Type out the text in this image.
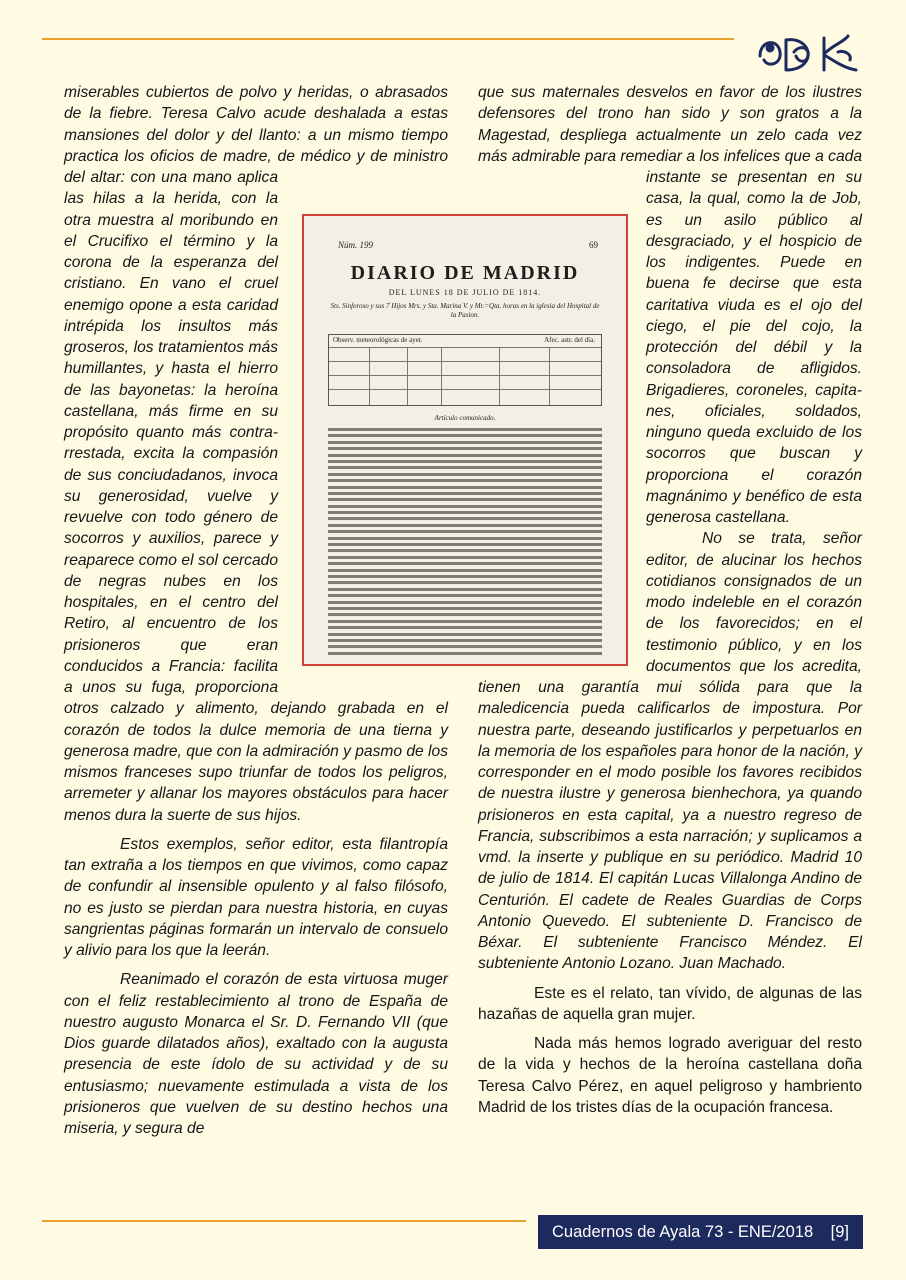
miserables cubiertos de polvo y heridas, o abrasados de la fiebre. Teresa Calvo acude deshalada a estas mansiones del dolor y del llanto: a un mismo tiempo practica los oficios de madre, de médico y de ministro del altar: con una mano aplica las hilas a la herida, con la otra muestra al moribundo en el Crucifixo el término y la corona de la esperanza del cristiano. En vano el cruel enemigo opone a esta caridad intrépida los insultos más groseros, los tratamientos más humillantes, y hasta el hierro de las bayonetas: la heroína castellana, más firme en su propósito quanto más contra- rrestada, excita la compasión de sus conciudadanos, invoca su generosidad, vuelve y revuelve con todo género de socorros y auxilios, parece y reaparece como el sol cercado de negras nubes en los hospitales, en el centro del Retiro, al encuentro de los prisioneros que eran conducidos a Francia: facilita a unos su fuga, proporciona otros calzado y alimento, dejando grabada en el corazón de todos la dulce memoria de una tierna y generosa madre, que con la admiración y pasmo de los mismos franceses supo triunfar de todos los peligros, arremeter y allanar los mayores obstáculos para hacer menos dura la suerte de sus hijos.

Estos exemplos, señor editor, esta filantropía tan extraña a los tiempos en que vivimos, como capaz de confundir al insensible opulento y al falso filósofo, no es justo se pierdan para nuestra historia, en cuyas sangrientas páginas formarán un intervalo de consuelo y alivio para los que la leerán.

Reanimado el corazón de esta virtuosa muger con el feliz restablecimiento al trono de España de nuestro augusto Monarca el Sr. D. Fernando VII (que Dios guarde dilatados años), exaltado con la augusta presencia de este ídolo de su actividad y de su entusiasmo; nuevamente estimulada a vista de los prisioneros que vuelven de su destino hechos una miseria, y segura de

que sus maternales desvelos en favor de los ilustres defensores del trono han sido y son gratos a la Magestad, despliega actualmente un zelo cada vez más admirable para remediar a los infelices que a cada instante se presentan en su casa, la qual, como la de Job, es un asilo público al desgraciado, y el hospicio de los indigentes. Puede en buena fe decirse que esta caritativa viuda es el ojo del ciego, el pie del cojo, la protección del débil y la consoladora de afligidos. Brigadieres, coroneles, capita- nes, oficiales, soldados, ninguno queda excluido de los socorros que buscan y proporciona el corazón magnánimo y benéfico de esta generosa castellana.

No se trata, señor editor, de alucinar los hechos cotidianos consignados de un modo indeleble en el corazón de los favorecidos; en el testimonio público, y en los documentos que los acredita, tienen una garantía mui sólida para que la maledicencia pueda calificarlos de impostura. Por nuestra parte, deseando justificarlos y perpetuarlos en la memoria de los españoles para honor de la nación, y corresponder en el modo posible los favores recibidos de nuestra ilustre y generosa bienhechora, ya quando prisioneros en esta capital, ya a nuestro regreso de Francia, subscribimos a esta narración; y suplicamos a vmd. la inserte y publique en su periódico. Madrid 10 de julio de 1814. El capitán Lucas Villalonga Andino de Centurión. El cadete de Reales Guardias de Corps Antonio Quevedo. El subteniente D. Francisco de Béxar. El subteniente Francisco Méndez. El subteniente Antonio Lozano. Juan Machado.

Este es el relato, tan vívido, de algunas de las hazañas de aquella gran mujer.

Nada más hemos logrado averiguar del resto de la vida y hechos de la heroína castellana doña Teresa Calvo Pérez, en aquel peligroso y hambriento Madrid de los tristes días de la ocupación francesa.

Núm. 199	69
DIARIO DE MADRID
DEL LUNES 18 DE JULIO DE 1814.
Sts. Sinforoso y sus 7 Hijos Mrs. y Sta. Marina V. y Mr.=Qta. horas en la iglesia del Hospital de la Pasion.
Observ. meteorológicas de ayer.	Afec. astr. del día.
Artículo comunicado.
Cuadernos de Ayala 73 - ENE/2018 [9]
